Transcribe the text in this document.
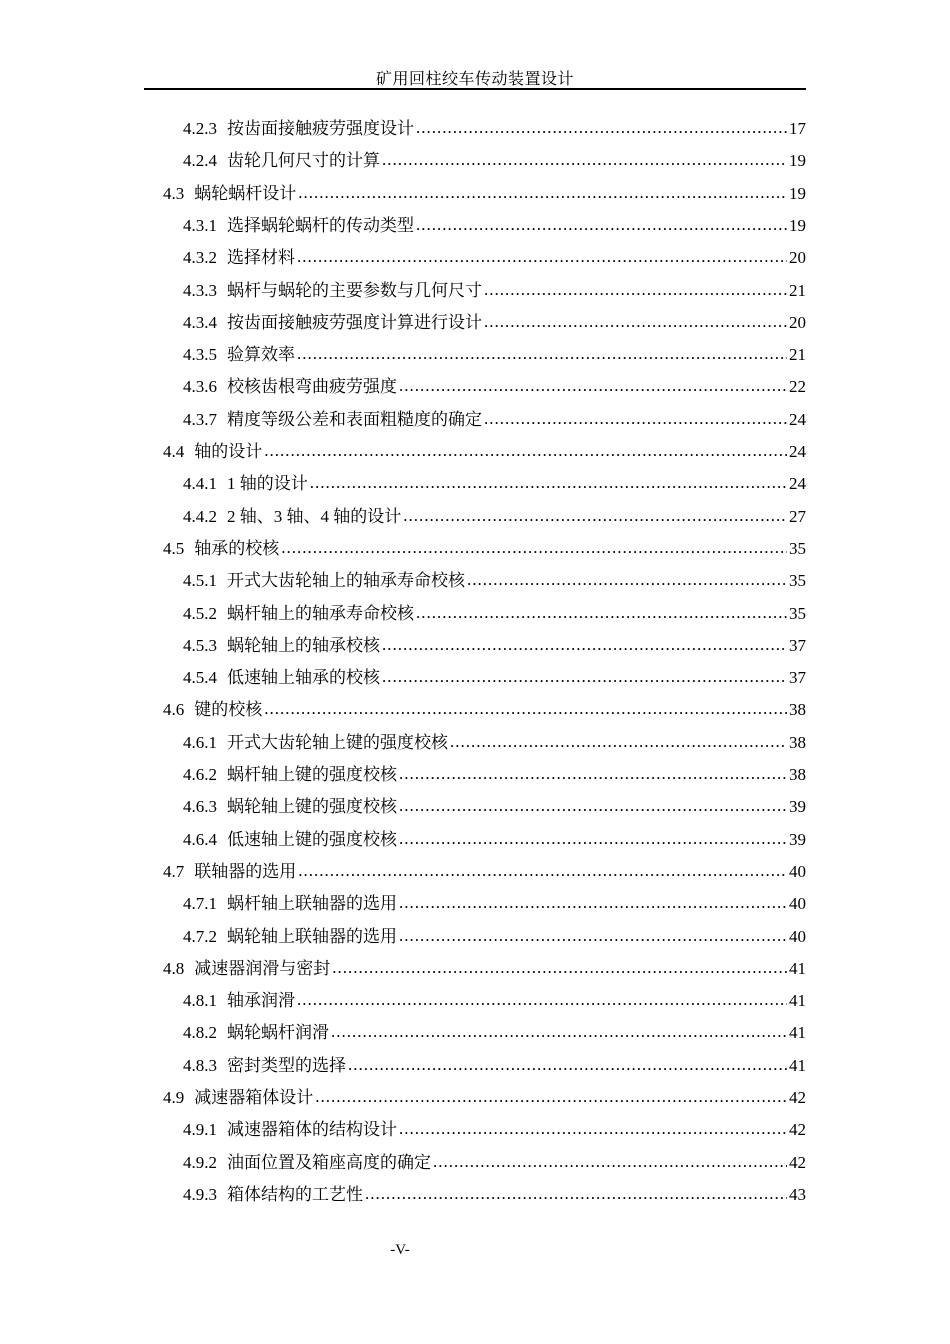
矿用回柱绞车传动装置设计
4.2.3 按齿面接触疲劳强度设计 .....	17
4.2.4 齿轮几何尺寸的计算 .....	19
4.3 蜗轮蜗杆设计 .....	19
4.3.1 选择蜗轮蜗杆的传动类型 .....	19
4.3.2 选择材料 .....	20
4.3.3 蜗杆与蜗轮的主要参数与几何尺寸 .....	21
4.3.4 按齿面接触疲劳强度计算进行设计 .....	20
4.3.5 验算效率 .....	21
4.3.6 校核齿根弯曲疲劳强度 .....	22
4.3.7 精度等级公差和表面粗糙度的确定 .....	24
4.4 轴的设计 .....	24
4.4.1 1 轴的设计 .....	24
4.4.2 2 轴、3 轴、4 轴的设计 .....	27
4.5 轴承的校核 .....	35
4.5.1 开式大齿轮轴上的轴承寿命校核 .....	35
4.5.2 蜗杆轴上的轴承寿命校核 .....	35
4.5.3 蜗轮轴上的轴承校核 .....	37
4.5.4 低速轴上轴承的校核 .....	37
4.6 键的校核 .....	38
4.6.1 开式大齿轮轴上键的强度校核 .....	38
4.6.2 蜗杆轴上键的强度校核 .....	38
4.6.3 蜗轮轴上键的强度校核 .....	39
4.6.4 低速轴上键的强度校核 .....	39
4.7 联轴器的选用 .....	40
4.7.1 蜗杆轴上联轴器的选用 .....	40
4.7.2 蜗轮轴上联轴器的选用 .....	40
4.8 减速器润滑与密封 .....	41
4.8.1 轴承润滑 .....	41
4.8.2 蜗轮蜗杆润滑 .....	41
4.8.3 密封类型的选择 .....	41
4.9 减速器箱体设计 .....	42
4.9.1 减速器箱体的结构设计 .....	42
4.9.2 油面位置及箱座高度的确定 .....	42
4.9.3 箱体结构的工艺性 .....	43
-V-
